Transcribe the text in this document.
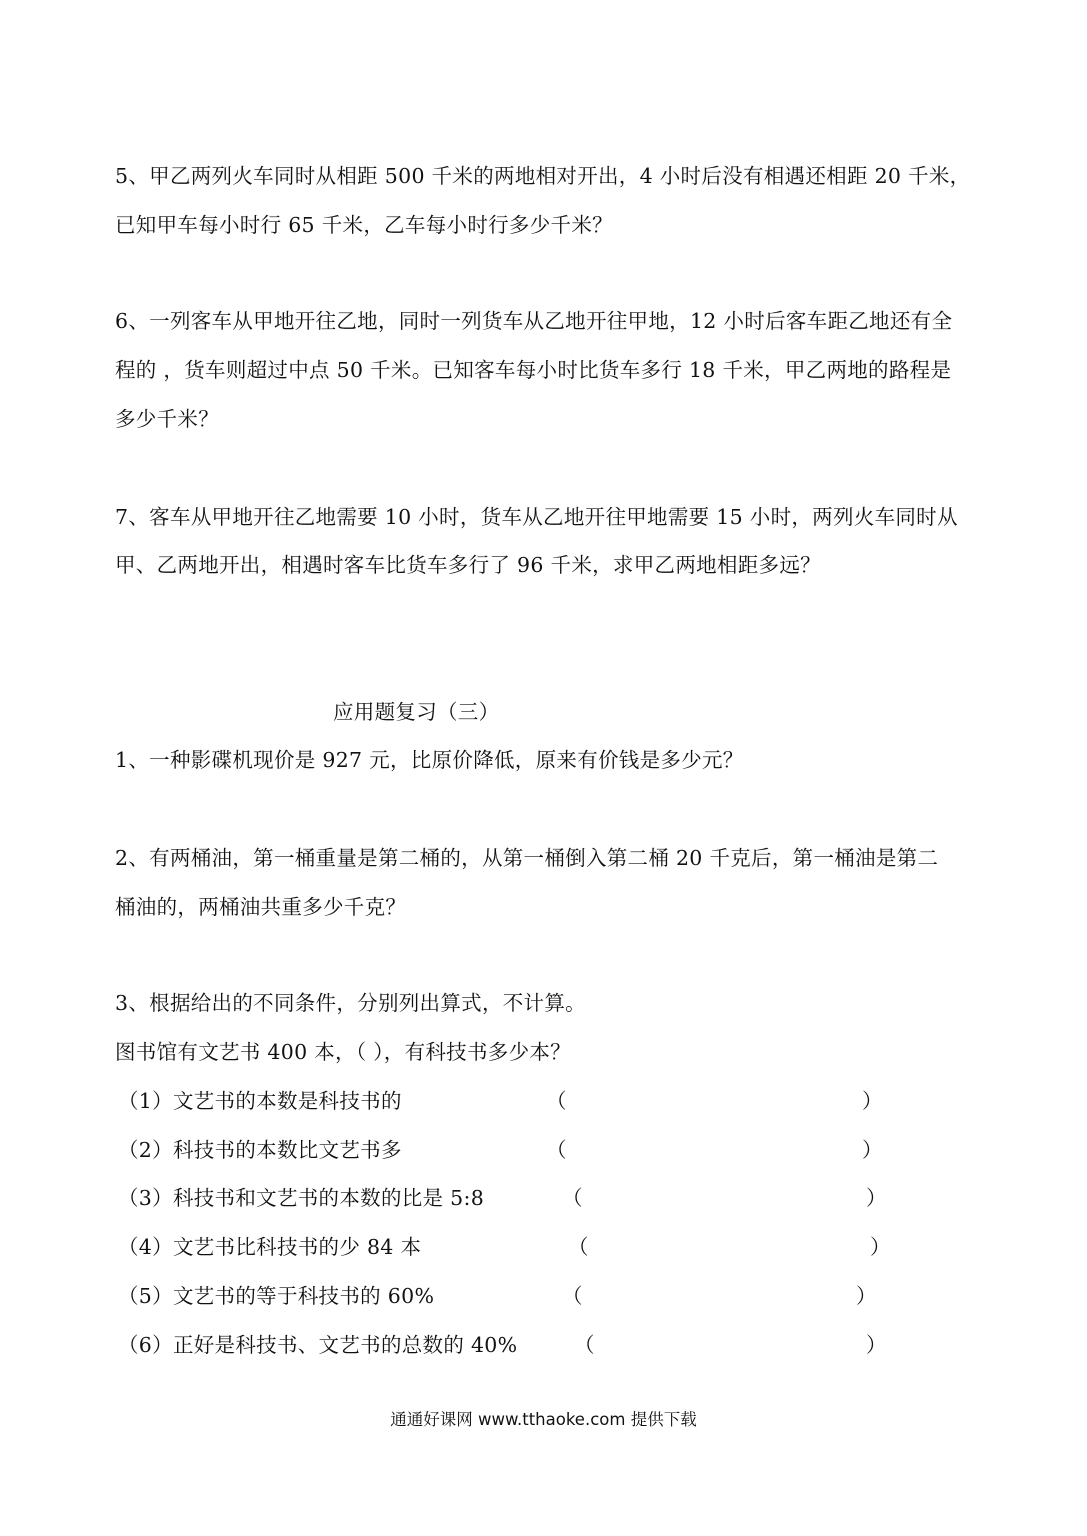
5、甲乙两列火车同时从相距 500 千米的两地相对开出，4 小时后没有相遇还相距 20 千米，
已知甲车每小时行 65 千米，乙车每小时行多少千米？
6、一列客车从甲地开往乙地，同时一列货车从乙地开往甲地，12 小时后客车距乙地还有全
程的 ，货车则超过中点 50 千米。已知客车每小时比货车多行 18 千米，甲乙两地的路程是
多少千米？
7、客车从甲地开往乙地需要 10 小时，货车从乙地开往甲地需要 15 小时，两列火车同时从
甲、乙两地开出，相遇时客车比货车多行了 96 千米，求甲乙两地相距多远？
应用题复习（三）
1、一种影碟机现价是 927 元，比原价降低，原来有价钱是多少元？
2、有两桶油，第一桶重量是第二桶的，从第一桶倒入第二桶 20 千克后，第一桶油是第二
桶油的，两桶油共重多少千克？
3、根据给出的不同条件，分别列出算式，不计算。
图书馆有文艺书 400 本，（ ），有科技书多少本？
（1）文艺书的本数是科技书的	（	）
（2）科技书的本数比文艺书多	（	）
（3）科技书和文艺书的本数的比是 5:8	（	）
（4）文艺书比科技书的少 84 本	（	）
（5）文艺书的等于科技书的 60%	（	）
（6）正好是科技书、文艺书的总数的 40%	（	）
通通好课网 www.tthaoke.com 提供下载
